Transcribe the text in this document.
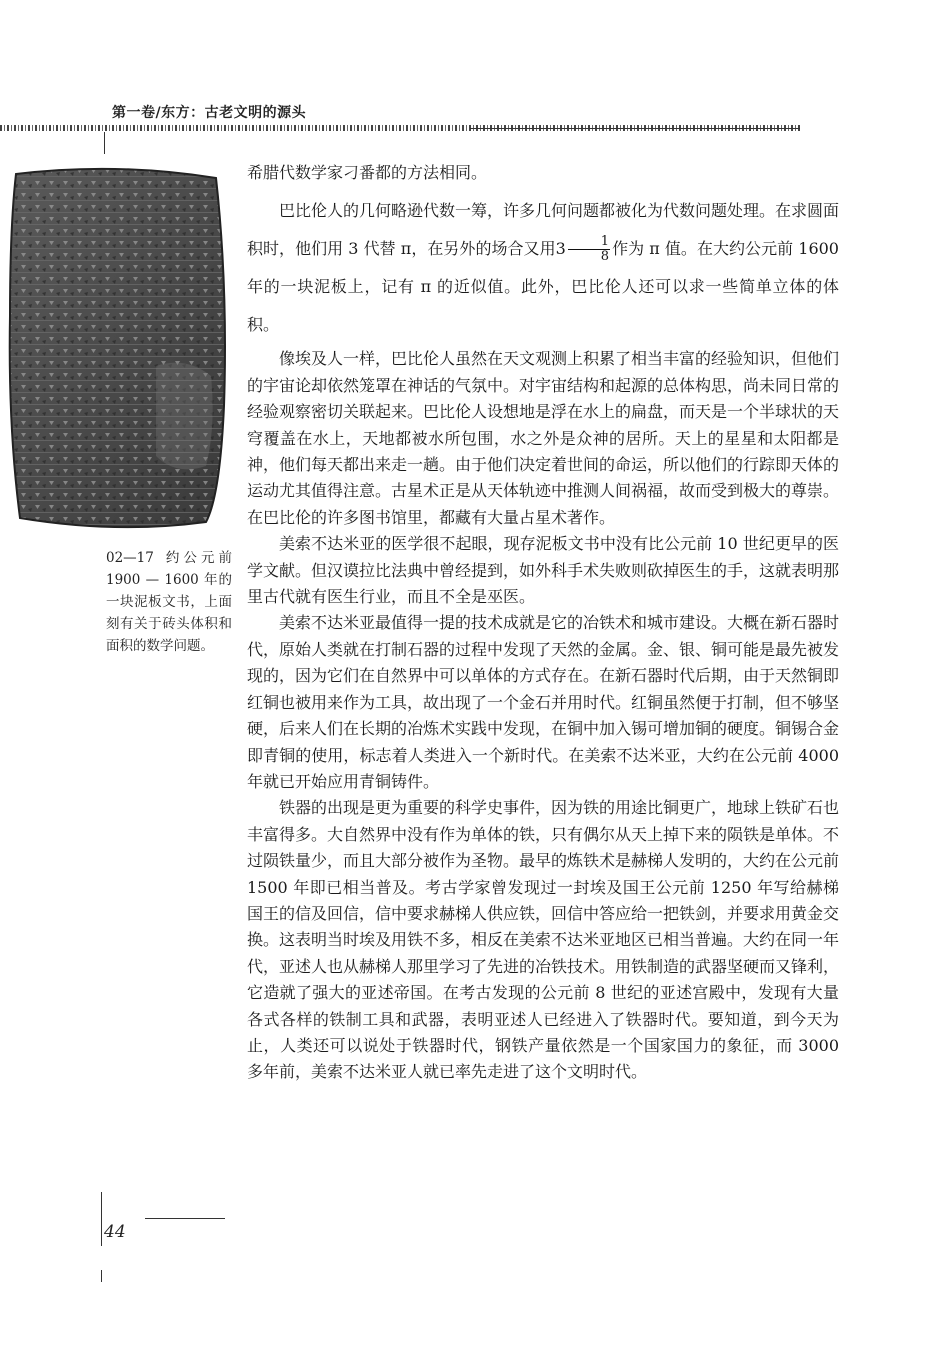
第一卷/东方：古老文明的源头
02—17 约公元前 1900 — 1600 年的一块泥板文书，上面刻有关于砖头体积和面积的数学问题。

希腊代数学家刁番都的方法相同。

巴比伦人的几何略逊代数一筹，许多几何问题都被化为代数问题处理。在求圆面积时，他们用 3 代替 π，在另外的场合又用$3 \frac{1}{8}$ 作为 π 值。在大约公元前 1600 年的一块泥板上，记有 π 的近似值。此外，巴比伦人还可以求一些简单立体的体积。

像埃及人一样，巴比伦人虽然在天文观测上积累了相当丰富的经验知识，但他们的宇宙论却依然笼罩在神话的气氛中。对宇宙结构和起源的总体构思，尚未同日常的经验观察密切关联起来。巴比伦人设想地是浮在水上的扁盘，而天是一个半球状的天穹覆盖在水上，天地都被水所包围，水之外是众神的居所。天上的星星和太阳都是神，他们每天都出来走一趟。由于他们决定着世间的命运，所以他们的行踪即天体的运动尤其值得注意。古星术正是从天体轨迹中推测人间祸福，故而受到极大的尊崇。在巴比伦的许多图书馆里，都藏有大量占星术著作。

美索不达米亚的医学很不起眼，现存泥板文书中没有比公元前 10 世纪更早的医学文献。但汉谟拉比法典中曾经提到，如外科手术失败则砍掉医生的手，这就表明那里古代就有医生行业，而且不全是巫医。

美索不达米亚最值得一提的技术成就是它的冶铁术和城市建设。大概在新石器时代，原始人类就在打制石器的过程中发现了天然的金属。金、银、铜可能是最先被发现的，因为它们在自然界中可以单体的方式存在。在新石器时代后期，由于天然铜即红铜也被用来作为工具，故出现了一个金石并用时代。红铜虽然便于打制，但不够坚硬，后来人们在长期的冶炼术实践中发现，在铜中加入锡可增加铜的硬度。铜锡合金即青铜的使用，标志着人类进入一个新时代。在美索不达米亚，大约在公元前 4000 年就已开始应用青铜铸件。

铁器的出现是更为重要的科学史事件，因为铁的用途比铜更广，地球上铁矿石也丰富得多。大自然界中没有作为单体的铁，只有偶尔从天上掉下来的陨铁是单体。不过陨铁量少，而且大部分被作为圣物。最早的炼铁术是赫梯人发明的，大约在公元前 1500 年即已相当普及。考古学家曾发现过一封埃及国王公元前 1250 年写给赫梯国王的信及回信，信中要求赫梯人供应铁，回信中答应给一把铁剑，并要求用黄金交换。这表明当时埃及用铁不多，相反在美索不达米亚地区已相当普遍。大约在同一年代，亚述人也从赫梯人那里学习了先进的冶铁技术。用铁制造的武器坚硬而又锋利，它造就了强大的亚述帝国。在考古发现的公元前 8 世纪的亚述宫殿中，发现有大量各式各样的铁制工具和武器，表明亚述人已经进入了铁器时代。要知道，到今天为止，人类还可以说处于铁器时代，钢铁产量依然是一个国家国力的象征，而 3000 多年前，美索不达米亚人就已率先走进了这个文明时代。

44
